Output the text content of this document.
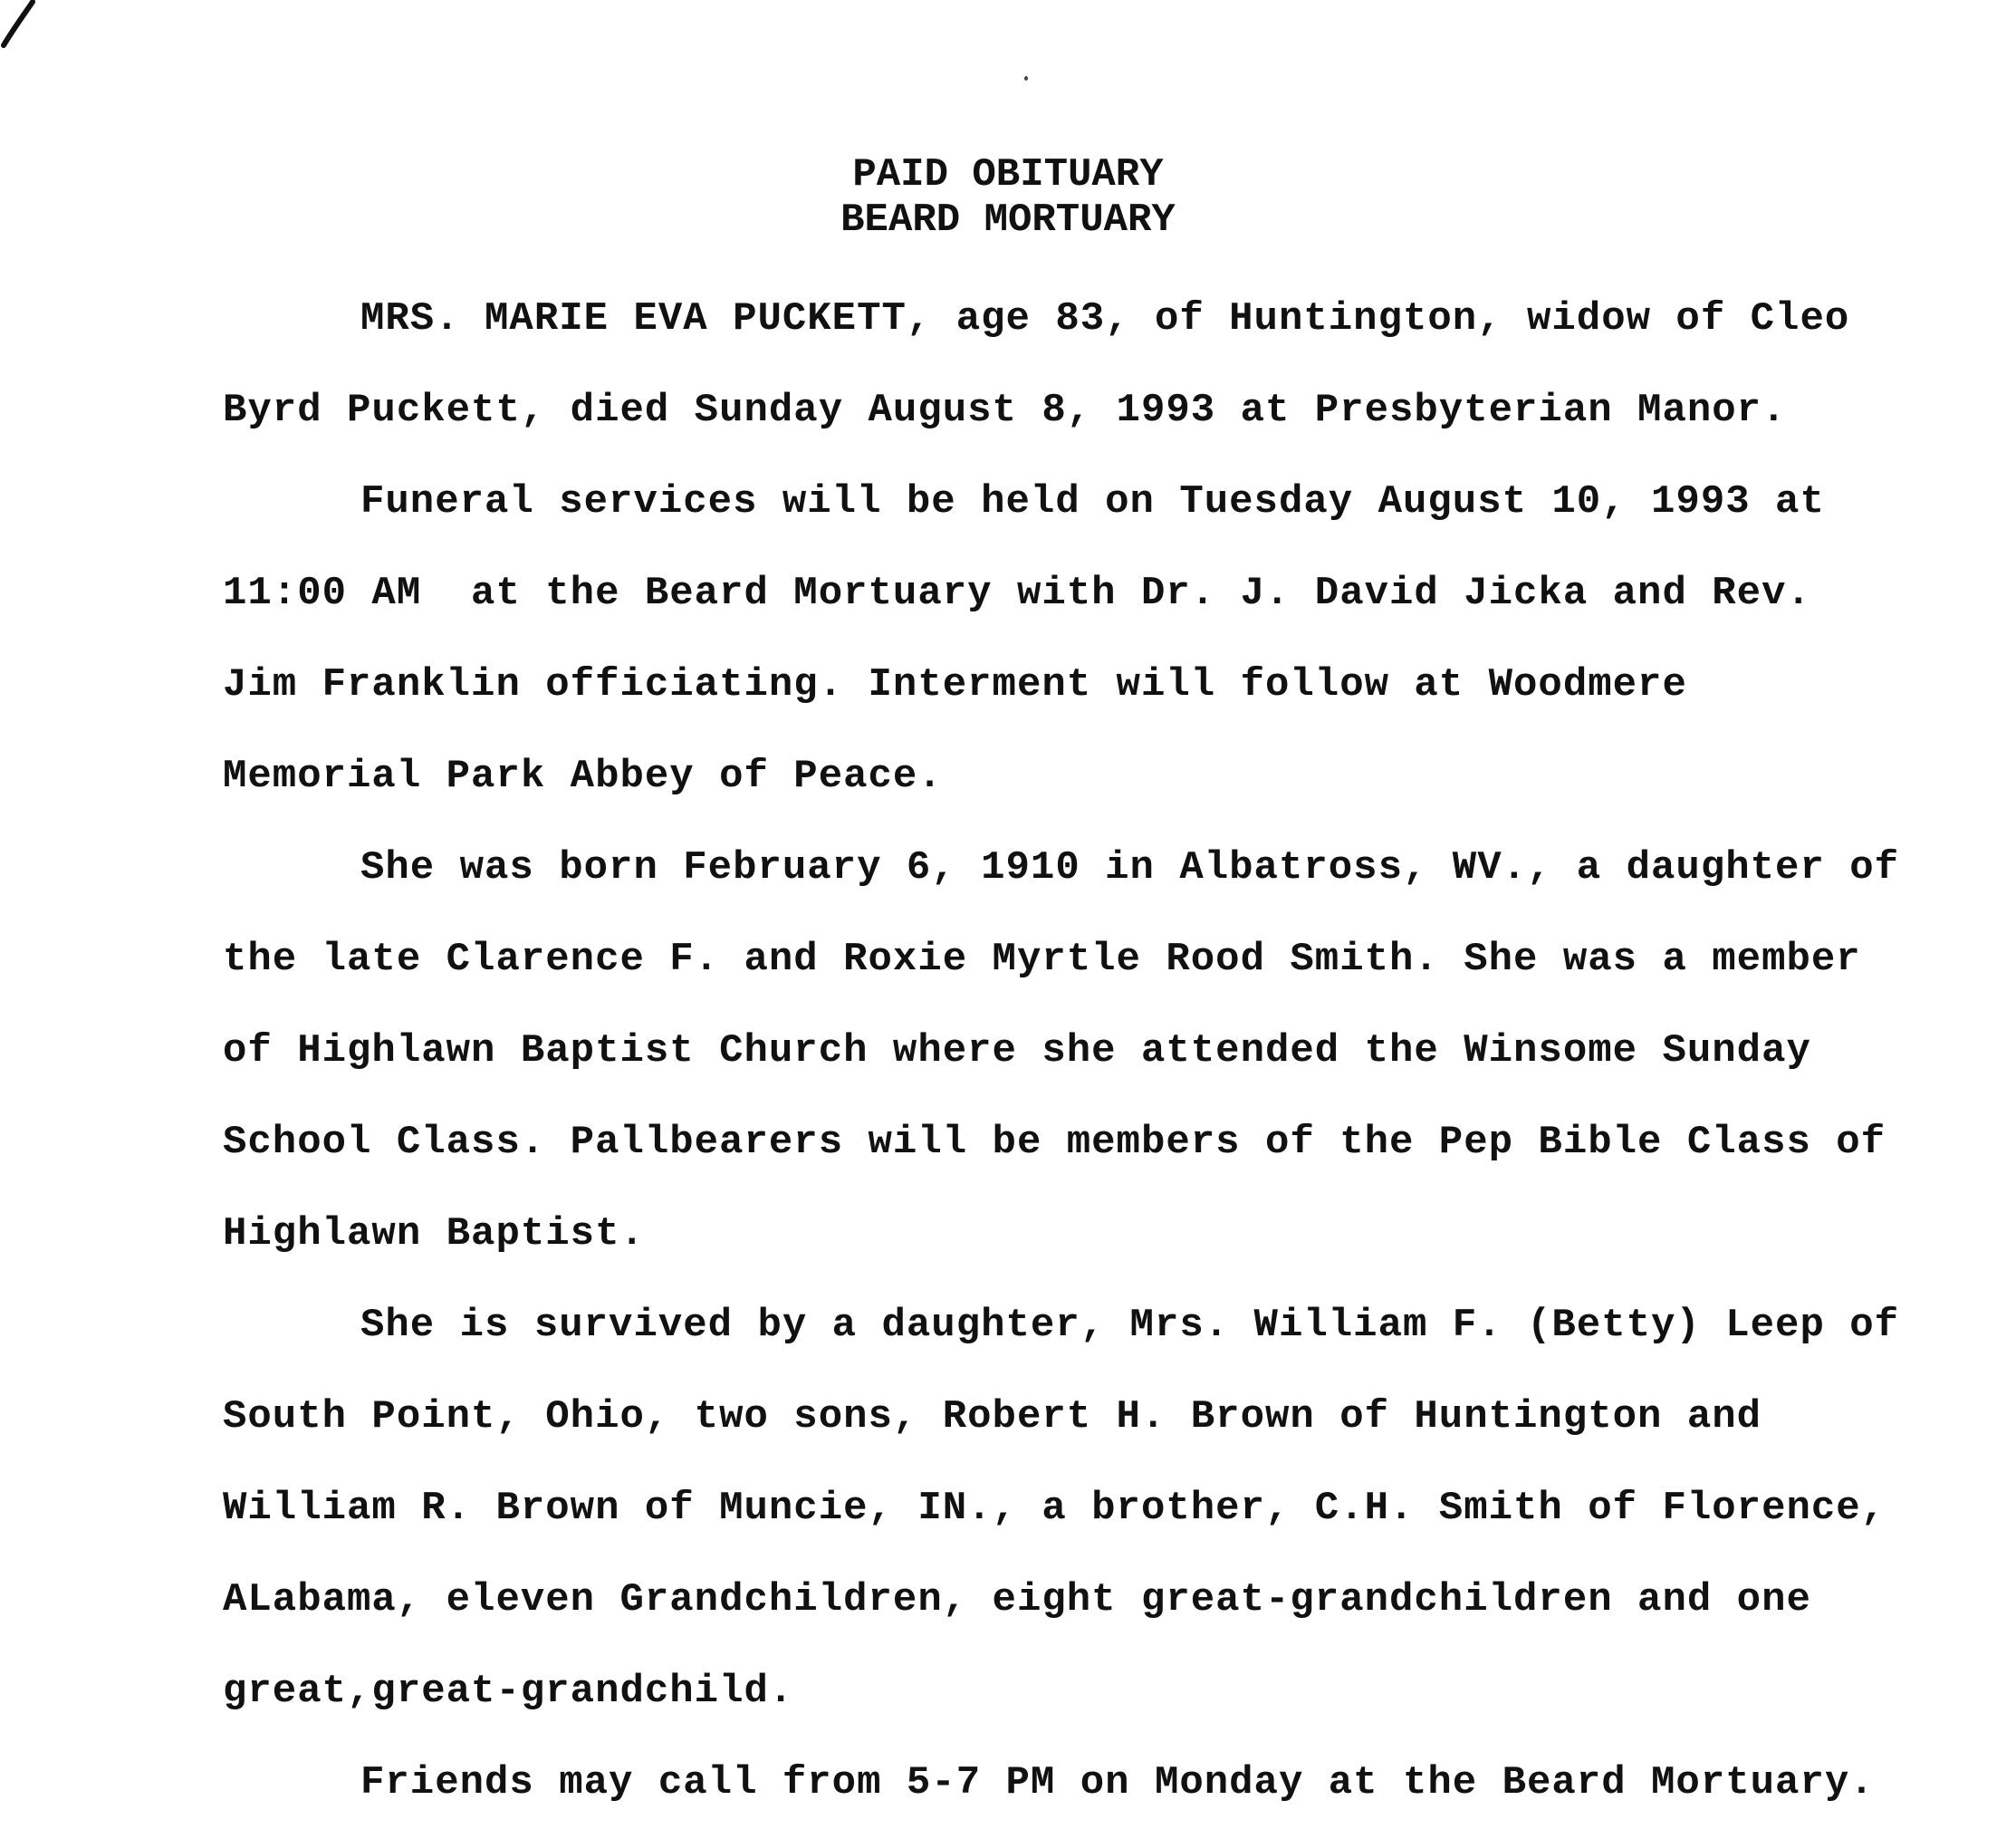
PAID OBITUARY
BEARD MORTUARY
MRS. MARIE EVA PUCKETT, age 83, of Huntington, widow of Cleo
Byrd Puckett, died Sunday August 8, 1993 at Presbyterian Manor.
Funeral services will be held on Tuesday August 10, 1993 at
11:00 AM  at the Beard Mortuary with Dr. J. David Jicka and Rev.
Jim Franklin officiating. Interment will follow at Woodmere
Memorial Park Abbey of Peace.
She was born February 6, 1910 in Albatross, WV., a daughter of
the late Clarence F. and Roxie Myrtle Rood Smith. She was a member
of Highlawn Baptist Church where she attended the Winsome Sunday
School Class. Pallbearers will be members of the Pep Bible Class of
Highlawn Baptist.
She is survived by a daughter, Mrs. William F. (Betty) Leep of
South Point, Ohio, two sons, Robert H. Brown of Huntington and
William R. Brown of Muncie, IN., a brother, C.H. Smith of Florence,
ALabama, eleven Grandchildren, eight great-grandchildren and one
great,great-grandchild.
Friends may call from 5-7 PM on Monday at the Beard Mortuary.
